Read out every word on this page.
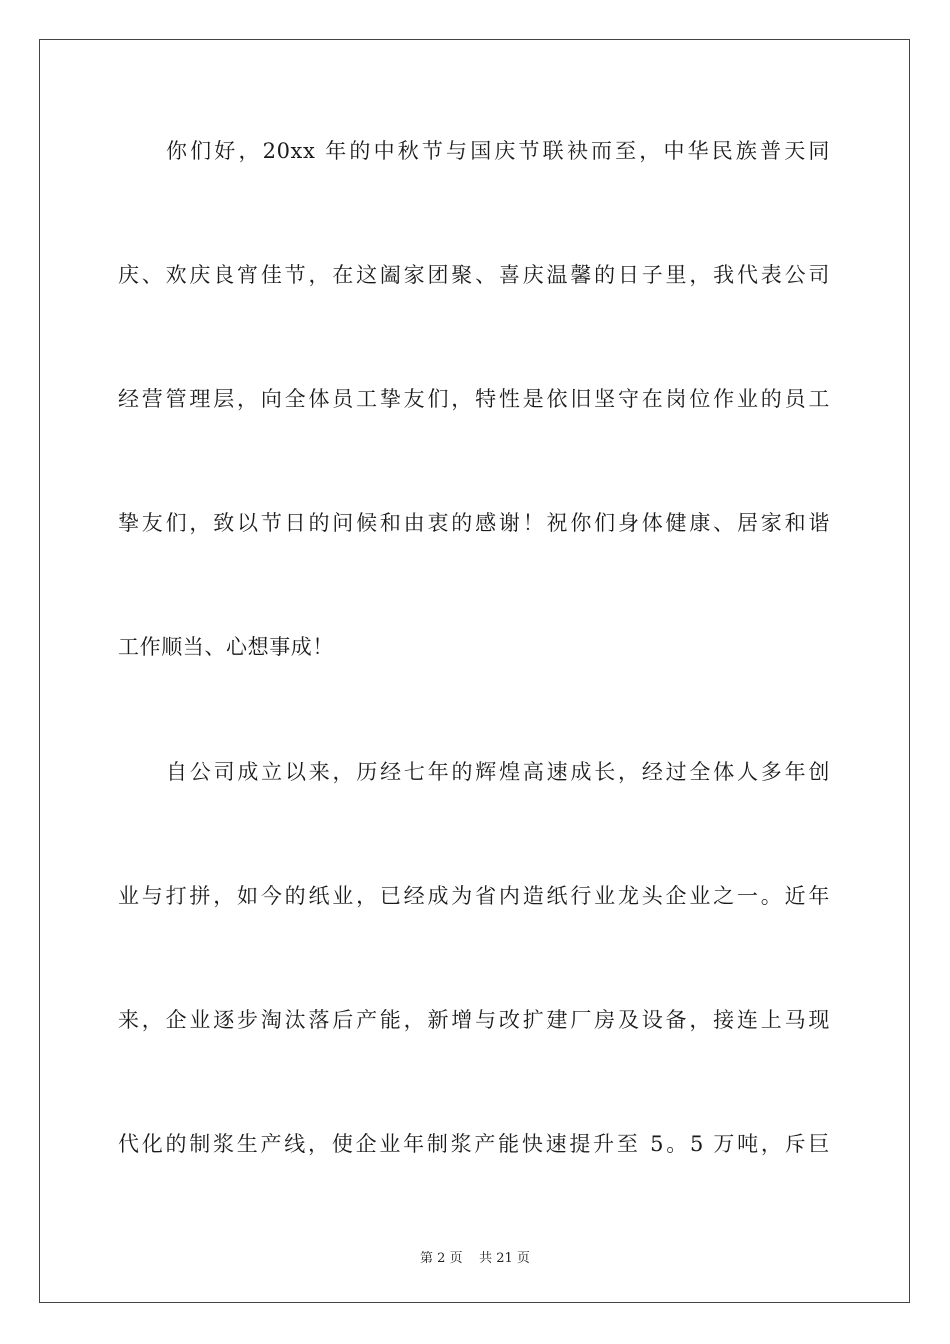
你们好，20xx 年的中秋节与国庆节联袂而至，中华民族普天同
庆、欢庆良宵佳节，在这阖家团聚、喜庆温馨的日子里，我代表公司
经营管理层，向全体员工挚友们，特性是依旧坚守在岗位作业的员工
挚友们，致以节日的问候和由衷的感谢！祝你们身体健康、居家和谐
工作顺当、心想事成！
自公司成立以来，历经七年的辉煌高速成长，经过全体人多年创
业与打拼，如今的纸业，已经成为省内造纸行业龙头企业之一。近年
来，企业逐步淘汰落后产能，新增与改扩建厂房及设备，接连上马现
代化的制浆生产线，使企业年制浆产能快速提升至 5。5 万吨，斥巨
第 2 页 共 21 页
